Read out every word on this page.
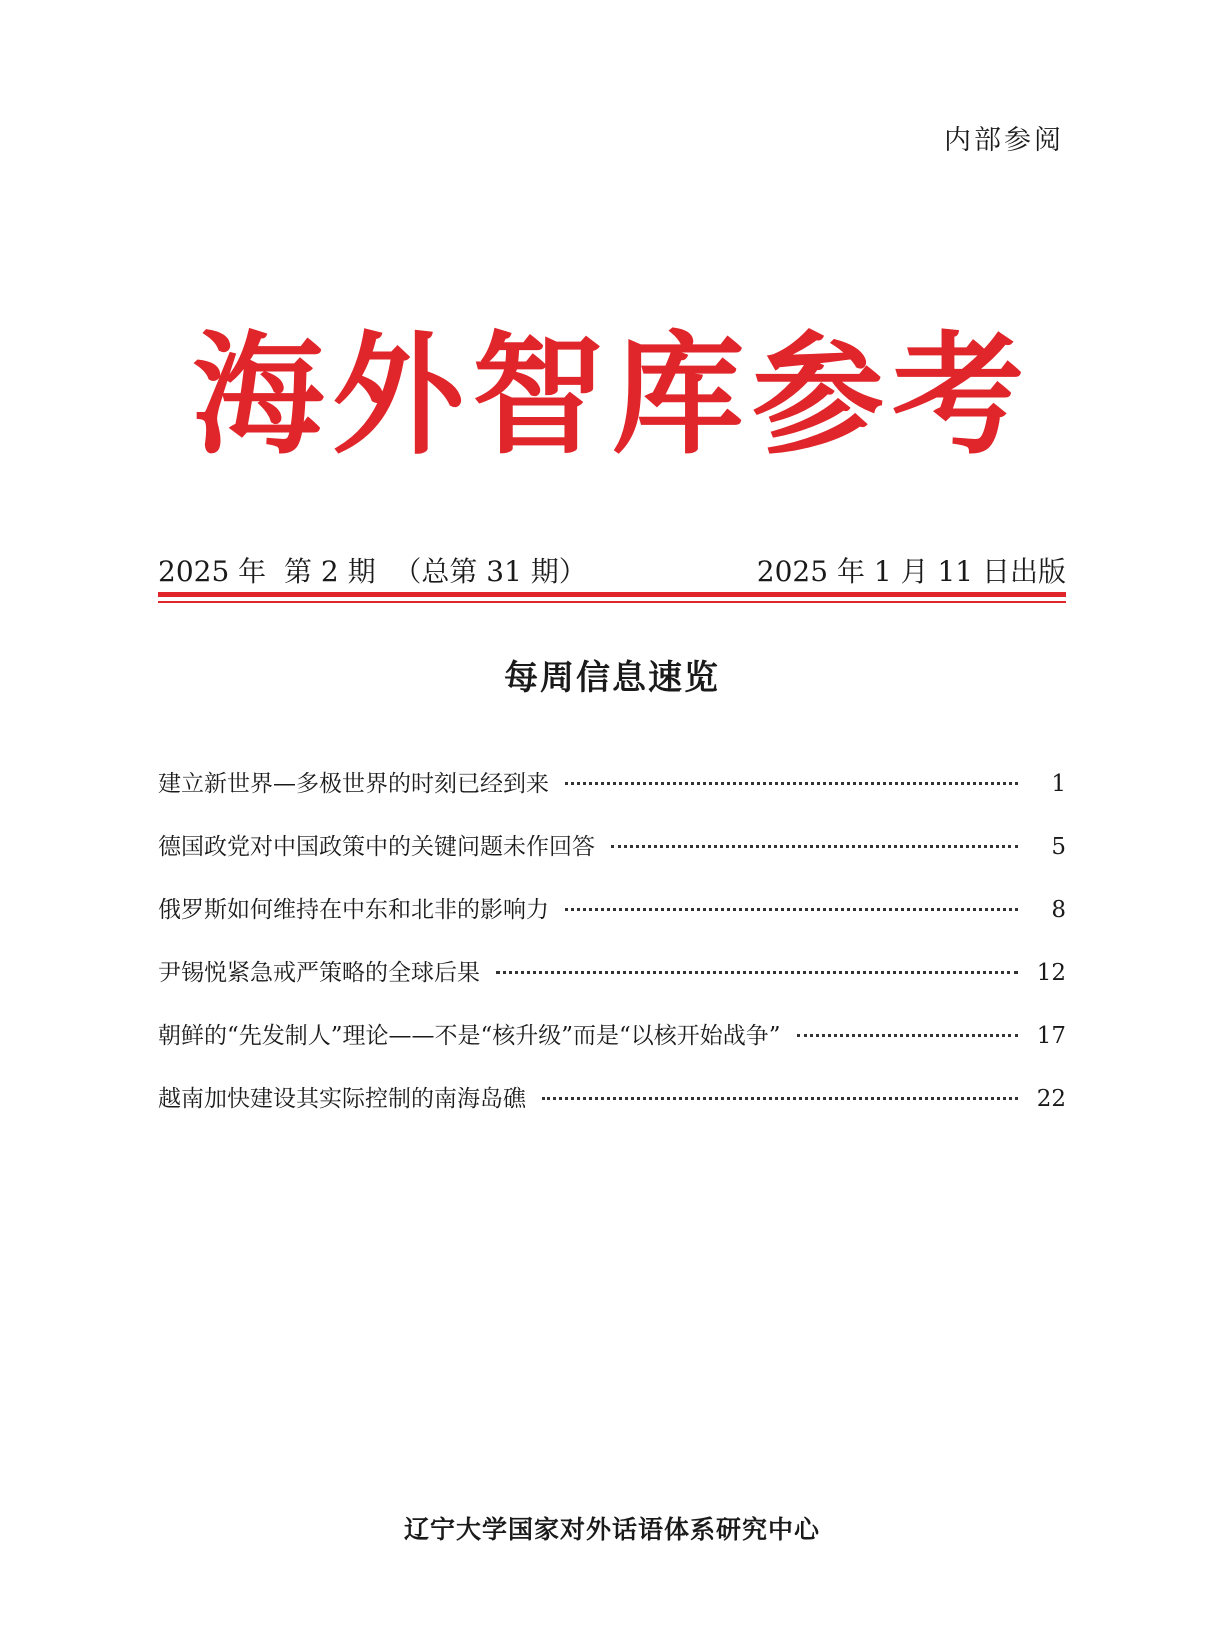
内部参阅
海外智库参考
2025 年  第 2 期  （总第 31 期）	2025 年 1 月 11 日出版
每周信息速览
建立新世界—多极世界的时刻已经到来	1
德国政党对中国政策中的关键问题未作回答	5
俄罗斯如何维持在中东和北非的影响力	8
尹锡悦紧急戒严策略的全球后果	12
朝鲜的“先发制人”理论——不是“核升级”而是“以核开始战争”	17
越南加快建设其实际控制的南海岛礁	22
辽宁大学国家对外话语体系研究中心
